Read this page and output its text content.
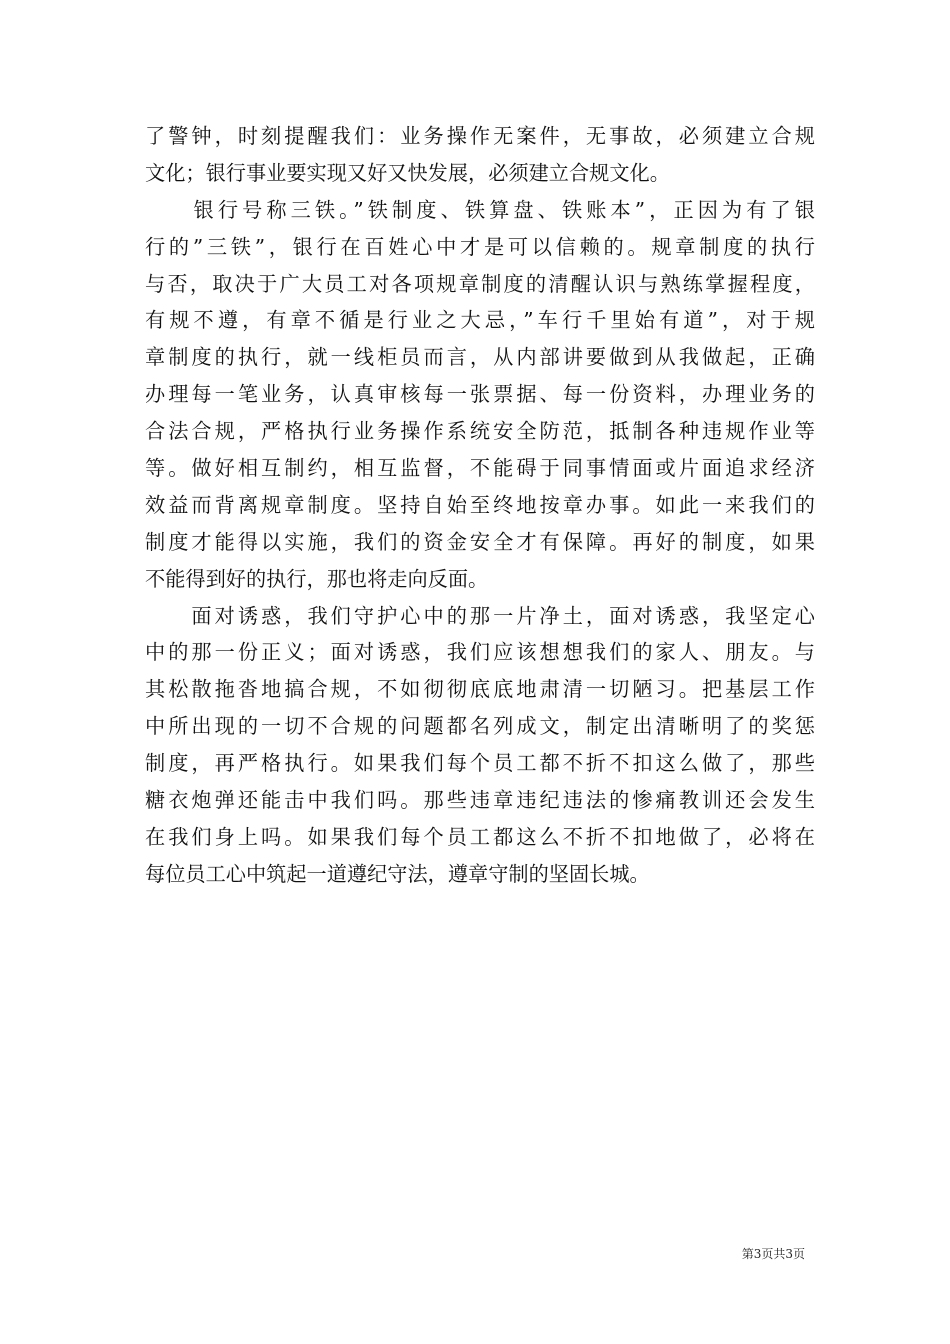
了警钟，时刻提醒我们：业务操作无案件，无事故，必须建立合规
文化；银行事业要实现又好又快发展，必须建立合规文化。
　　银行号称三铁。”铁制度、铁算盘、铁账本”，正因为有了银
行的”三铁”，银行在百姓心中才是可以信赖的。规章制度的执行
与否，取决于广大员工对各项规章制度的清醒认识与熟练掌握程度，
有规不遵，有章不循是行业之大忌，”车行千里始有道”，对于规
章制度的执行，就一线柜员而言，从内部讲要做到从我做起，正确
办理每一笔业务，认真审核每一张票据、每一份资料，办理业务的
合法合规，严格执行业务操作系统安全防范，抵制各种违规作业等
等。做好相互制约，相互监督，不能碍于同事情面或片面追求经济
效益而背离规章制度。坚持自始至终地按章办事。如此一来我们的
制度才能得以实施，我们的资金安全才有保障。再好的制度，如果
不能得到好的执行，那也将走向反面。
　　面对诱惑，我们守护心中的那一片净土，面对诱惑，我坚定心
中的那一份正义；面对诱惑，我们应该想想我们的家人、朋友。与
其松散拖沓地搞合规，不如彻彻底底地肃清一切陋习。把基层工作
中所出现的一切不合规的问题都名列成文，制定出清晰明了的奖惩
制度，再严格执行。如果我们每个员工都不折不扣这么做了，那些
糖衣炮弹还能击中我们吗。那些违章违纪违法的惨痛教训还会发生
在我们身上吗。如果我们每个员工都这么不折不扣地做了，必将在
每位员工心中筑起一道遵纪守法，遵章守制的坚固长城。
第3页共3页
